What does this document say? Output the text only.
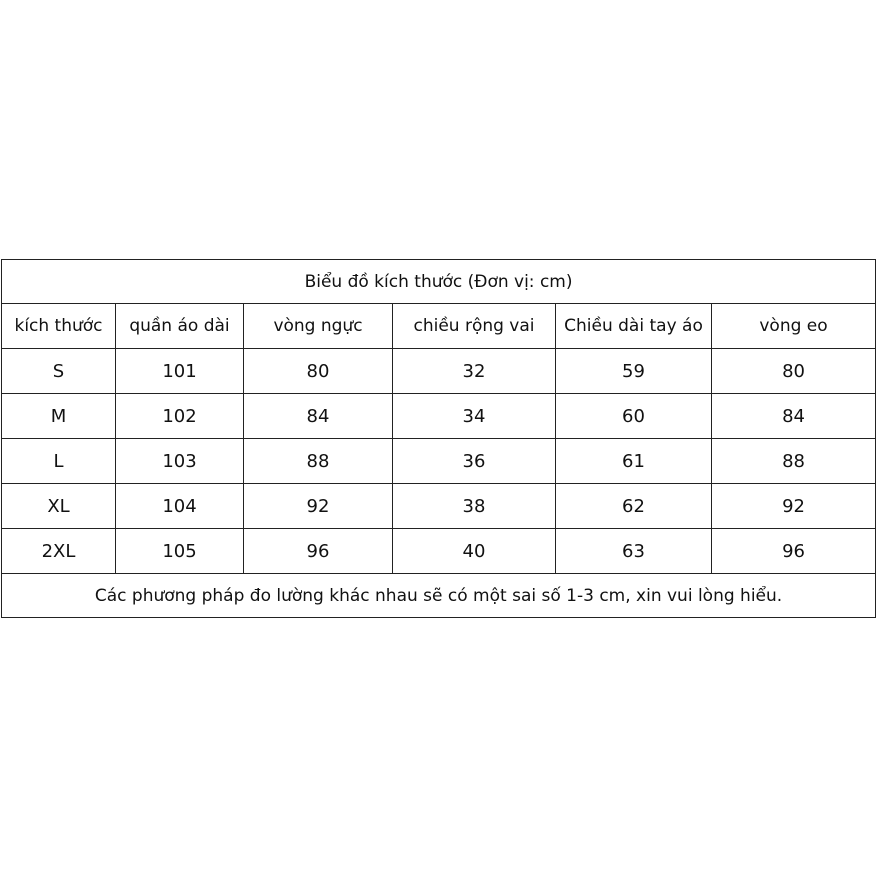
Biểu đồ kích thước (Đơn vị: cm)					
kích thước	quần áo dài	vòng ngực	chiều rộng vai	Chiều dài tay áo	vòng eo
S	101	80	32	59	80
M	102	84	34	60	84
L	103	88	36	61	88
XL	104	92	38	62	92
2XL	105	96	40	63	96
Các phương pháp đo lường khác nhau sẽ có một sai số 1-3 cm, xin vui lòng hiểu.					
